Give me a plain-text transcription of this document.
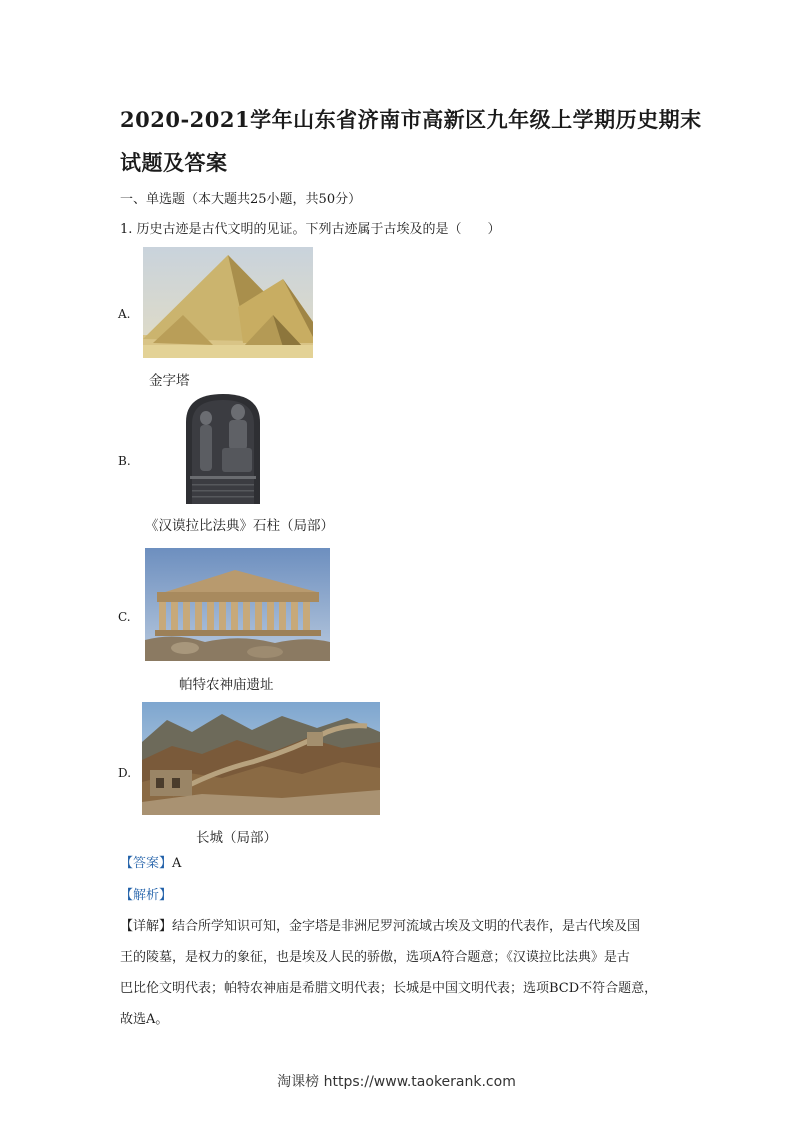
2020-2021学年山东省济南市高新区九年级上学期历史期末
试题及答案
一、单选题（本大题共25小题，共50分）
1. 历史古迹是古代文明的见证。下列古迹属于古埃及的是（　　）
A.
金字塔
B.
《汉谟拉比法典》石柱（局部）
C.
帕特农神庙遗址
D.
长城（局部）
【答案】A
【解析】
【详解】结合所学知识可知，金字塔是非洲尼罗河流域古埃及文明的代表作，是古代埃及国
王的陵墓，是权力的象征，也是埃及人民的骄傲，选项A符合题意；《汉谟拉比法典》是古
巴比伦文明代表；帕特农神庙是希腊文明代表；长城是中国文明代表；选项BCD不符合题意，
故选A。
淘课榜 https://www.taokerank.com
